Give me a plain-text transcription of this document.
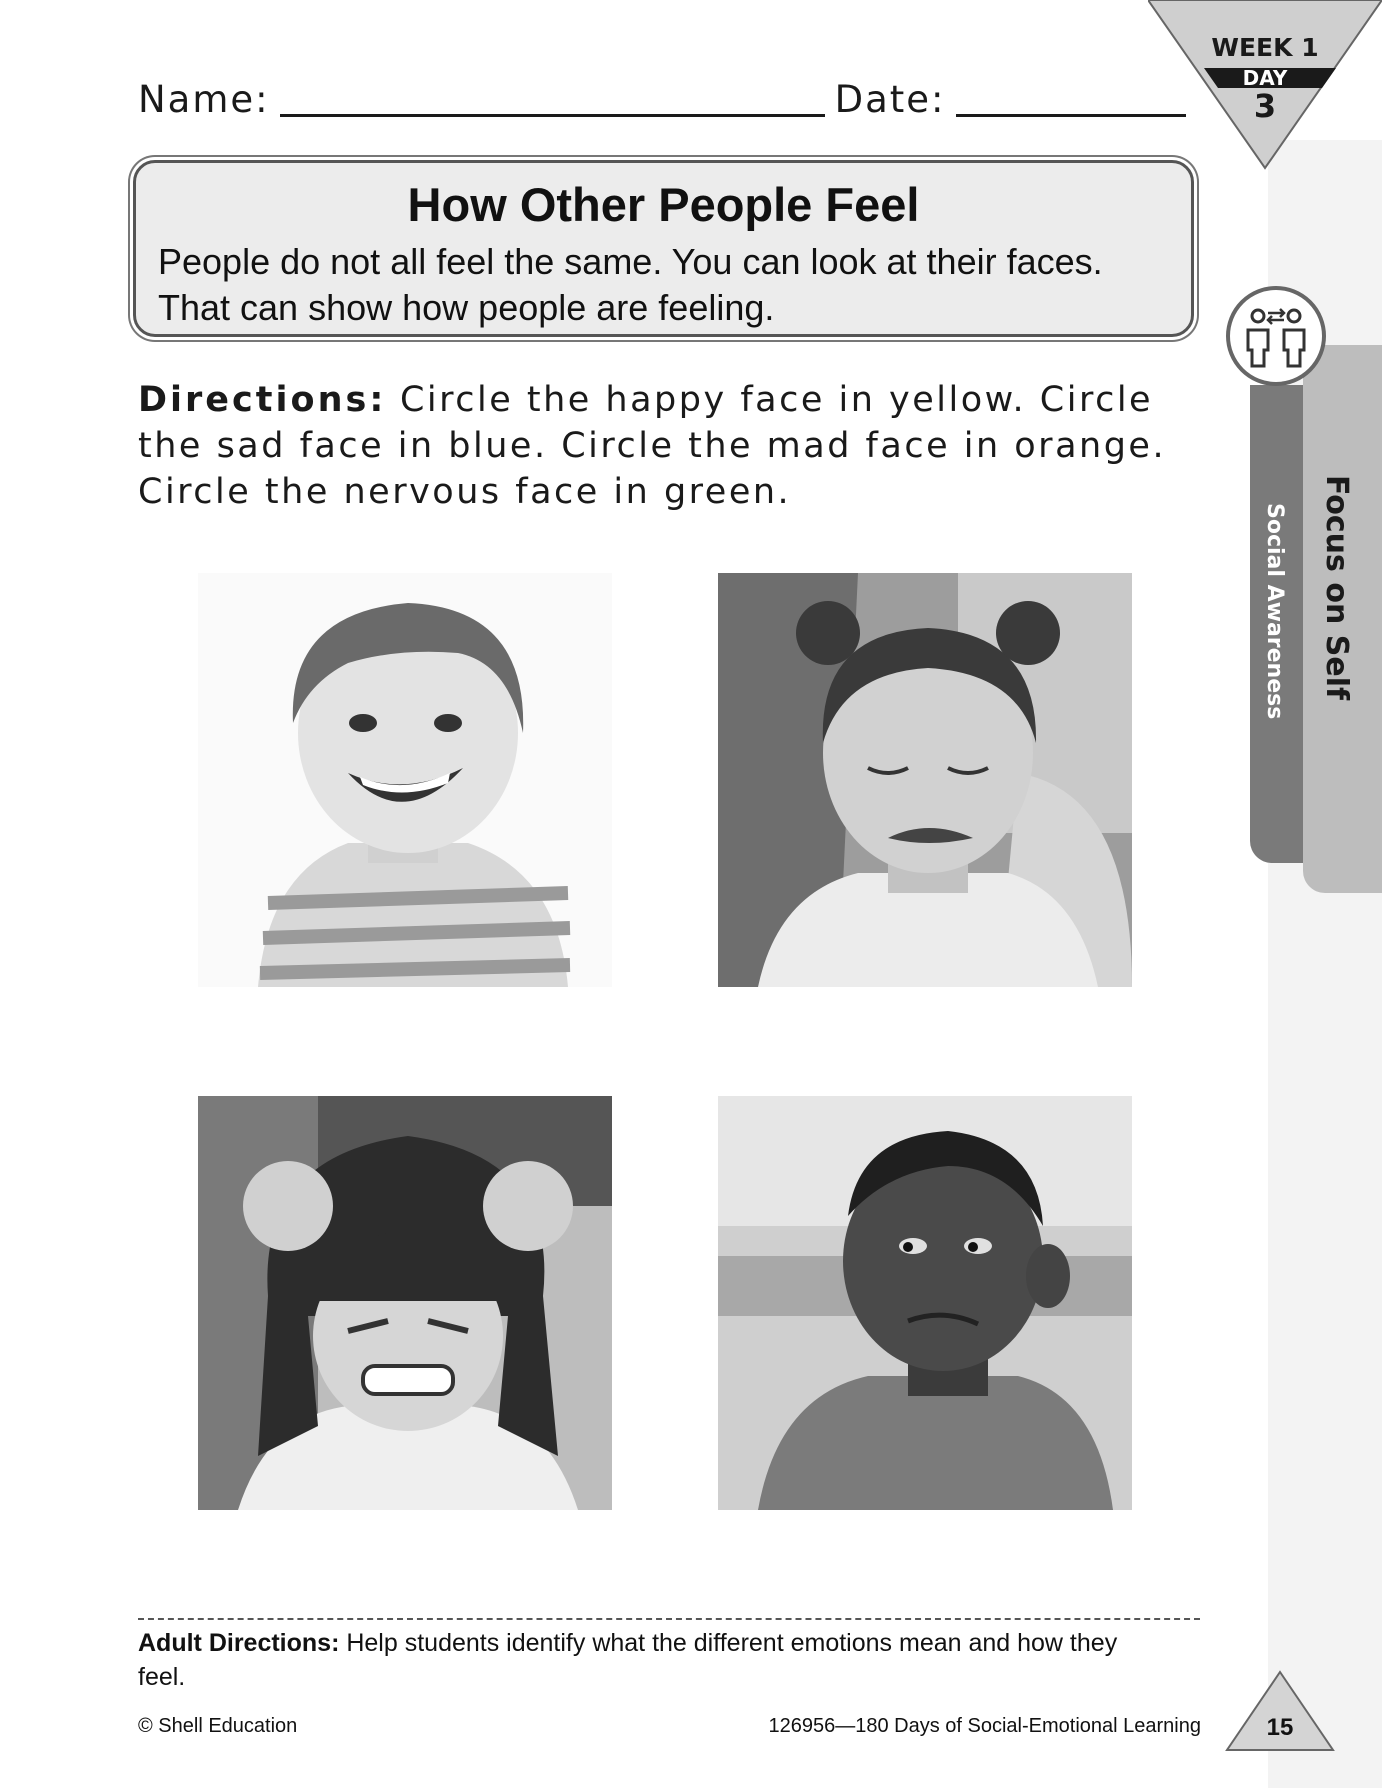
WEEK 1
DAY
3
Name:	Date:
How Other People Feel

People do not all feel the same. You can look at their faces. That can show how people are feeling.

Directions: Circle the happy face in yellow. Circle the sad face in blue. Circle the mad face in orange. Circle the nervous face in green.	Focus on Self
Social Awareness
Adult Directions: Help students identify what the different emotions mean and how they feel.
© Shell Education	126956—180 Days of Social-Emotional Learning	15
